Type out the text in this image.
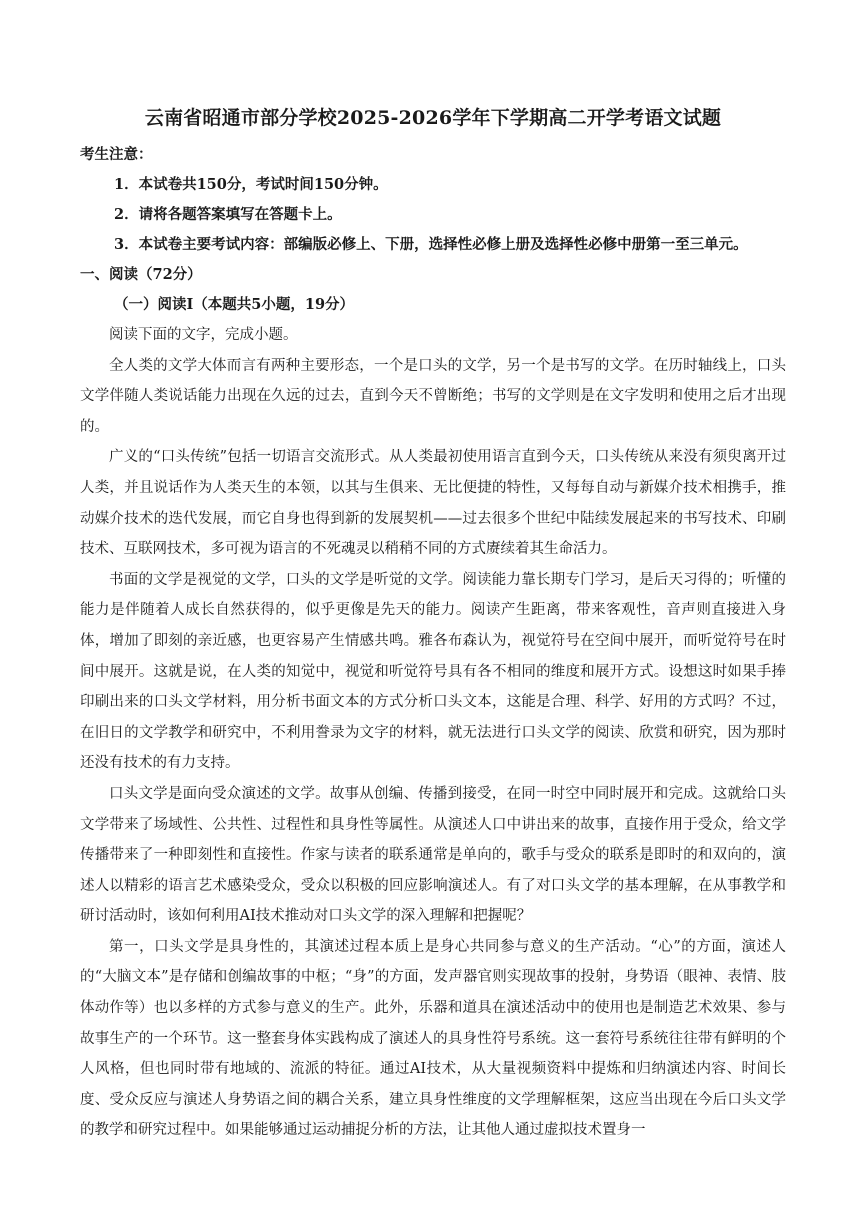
云南省昭通市部分学校2025-2026学年下学期高二开学考语文试题

考生注意：

1．本试卷共150分，考试时间150分钟。
2．请将各题答案填写在答题卡上。
3．本试卷主要考试内容：部编版必修上、下册，选择性必修上册及选择性必修中册第一至三单元。

一、阅读（72分）

（一）阅读I（本题共5小题，19分）

阅读下面的文字，完成小题。

全人类的文学大体而言有两种主要形态，一个是口头的文学，另一个是书写的文学。在历时轴线上，口头文学伴随人类说话能力出现在久远的过去，直到今天不曾断绝；书写的文学则是在文字发明和使用之后才出现的。

广义的“口头传统”包括一切语言交流形式。从人类最初使用语言直到今天，口头传统从来没有须臾离开过人类，并且说话作为人类天生的本领，以其与生俱来、无比便捷的特性，又每每自动与新媒介技术相携手，推动媒介技术的迭代发展，而它自身也得到新的发展契机——过去很多个世纪中陆续发展起来的书写技术、印刷技术、互联网技术，多可视为语言的不死魂灵以稍稍不同的方式赓续着其生命活力。

书面的文学是视觉的文学，口头的文学是听觉的文学。阅读能力靠长期专门学习，是后天习得的；听懂的能力是伴随着人成长自然获得的，似乎更像是先天的能力。阅读产生距离，带来客观性，音声则直接进入身体，增加了即刻的亲近感，也更容易产生情感共鸣。雅各布森认为，视觉符号在空间中展开，而听觉符号在时间中展开。这就是说，在人类的知觉中，视觉和听觉符号具有各不相同的维度和展开方式。设想这时如果手捧印刷出来的口头文学材料，用分析书面文本的方式分析口头文本，这能是合理、科学、好用的方式吗？不过，在旧日的文学教学和研究中，不利用誊录为文字的材料，就无法进行口头文学的阅读、欣赏和研究，因为那时还没有技术的有力支持。

口头文学是面向受众演述的文学。故事从创编、传播到接受，在同一时空中同时展开和完成。这就给口头文学带来了场域性、公共性、过程性和具身性等属性。从演述人口中讲出来的故事，直接作用于受众，给文学传播带来了一种即刻性和直接性。作家与读者的联系通常是单向的，歌手与受众的联系是即时的和双向的，演述人以精彩的语言艺术感染受众，受众以积极的回应影响演述人。有了对口头文学的基本理解，在从事教学和研讨活动时，该如何利用AI技术推动对口头文学的深入理解和把握呢？

第一，口头文学是具身性的，其演述过程本质上是身心共同参与意义的生产活动。“心”的方面，演述人的“大脑文本”是存储和创编故事的中枢；“身”的方面，发声器官则实现故事的投射，身势语（眼神、表情、肢体动作等）也以多样的方式参与意义的生产。此外，乐器和道具在演述活动中的使用也是制造艺术效果、参与故事生产的一个环节。这一整套身体实践构成了演述人的具身性符号系统。这一套符号系统往往带有鲜明的个人风格，但也同时带有地域的、流派的特征。通过AI技术，从大量视频资料中提炼和归纳演述内容、时间长度、受众反应与演述人身势语之间的耦合关系，建立具身性维度的文学理解框架，这应当出现在今后口头文学的教学和研究过程中。如果能够通过运动捕捉分析的方法，让其他人通过虚拟技术置身一
